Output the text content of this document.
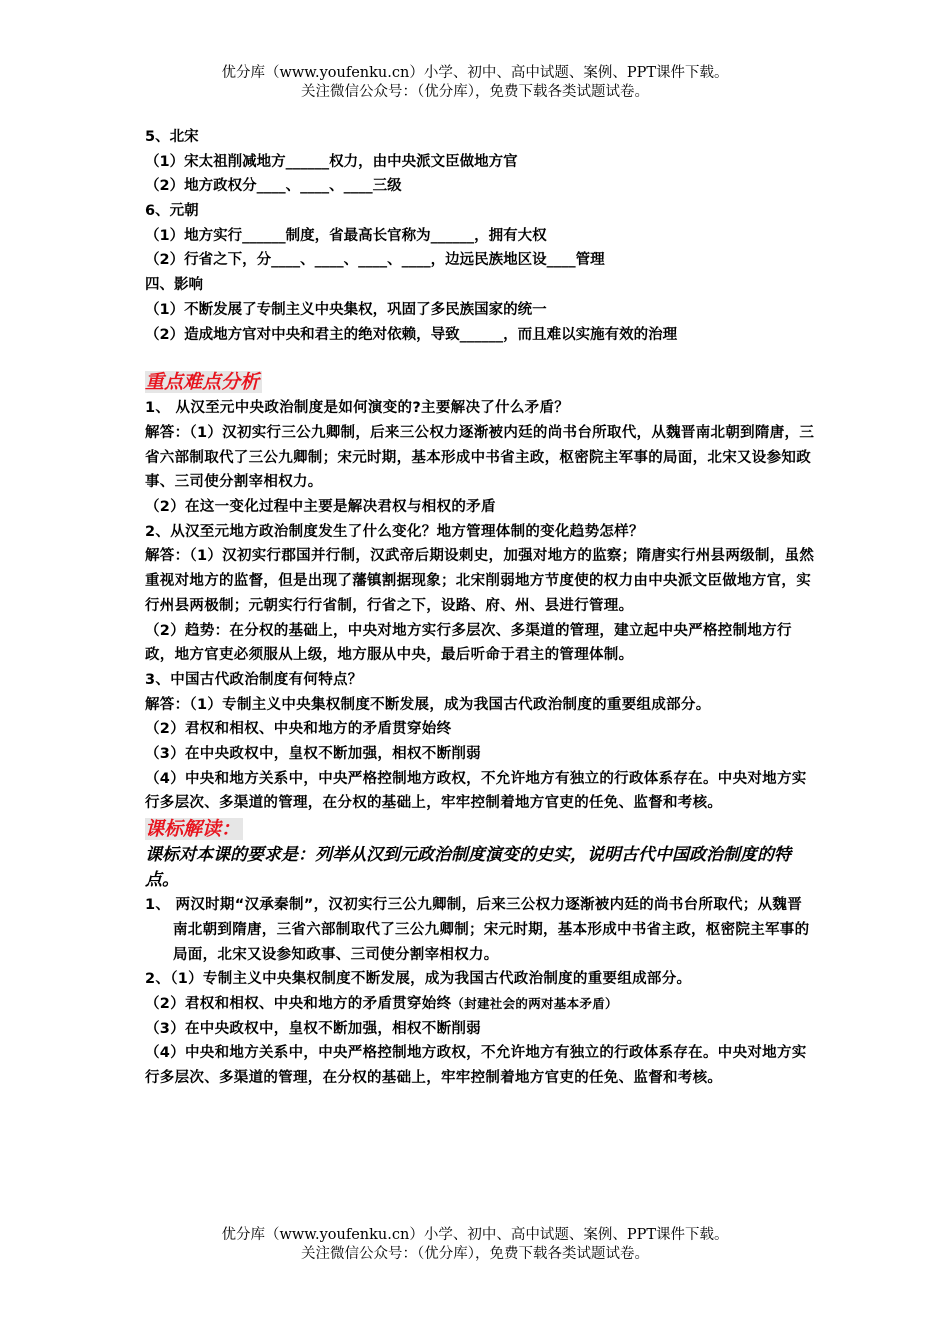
优分库（www.youfenku.cn）小学、初中、高中试题、案例、PPT课件下载。
关注微信公众号：（优分库），免费下载各类试题试卷。
5、北宋
（1）宋太祖削减地方______权力，由中央派文臣做地方官
（2）地方政权分____、____、____三级
6、元朝
（1）地方实行______制度，省最高长官称为______，拥有大权
（2）行省之下，分____、____、____、____，边远民族地区设____管理
四、影响
（1）不断发展了专制主义中央集权，巩固了多民族国家的统一
（2）造成地方官对中央和君主的绝对依赖，导致______，而且难以实施有效的治理
重点难点分析
1、 从汉至元中央政治制度是如何演变的?主要解决了什么矛盾？
解答：（1）汉初实行三公九卿制，后来三公权力逐渐被内廷的尚书台所取代，从魏晋南北朝到隋唐，三省六部制取代了三公九卿制；宋元时期，基本形成中书省主政，枢密院主军事的局面，北宋又设参知政事、三司使分割宰相权力。
（2）在这一变化过程中主要是解决君权与相权的矛盾
2、从汉至元地方政治制度发生了什么变化？地方管理体制的变化趋势怎样？
解答：（1）汉初实行郡国并行制，汉武帝后期设刺史，加强对地方的监察；隋唐实行州县两级制，虽然重视对地方的监督，但是出现了藩镇割据现象；北宋削弱地方节度使的权力由中央派文臣做地方官，实行州县两极制；元朝实行行省制，行省之下，设路、府、州、县进行管理。
（2）趋势：在分权的基础上，中央对地方实行多层次、多渠道的管理，建立起中央严格控制地方行政，地方官吏必须服从上级，地方服从中央，最后听命于君主的管理体制。
3、中国古代政治制度有何特点？
解答：（1）专制主义中央集权制度不断发展，成为我国古代政治制度的重要组成部分。
（2）君权和相权、中央和地方的矛盾贯穿始终
（3）在中央政权中，皇权不断加强，相权不断削弱
（4）中央和地方关系中，中央严格控制地方政权，不允许地方有独立的行政体系存在。中央对地方实行多层次、多渠道的管理，在分权的基础上，牢牢控制着地方官吏的任免、监督和考核。
课标解读：
课标对本课的要求是：列举从汉到元政治制度演变的史实，说明古代中国政治制度的特点。
1、 两汉时期“汉承秦制”，汉初实行三公九卿制，后来三公权力逐渐被内廷的尚书台所取代；从魏晋南北朝到隋唐，三省六部制取代了三公九卿制；宋元时期，基本形成中书省主政，枢密院主军事的局面，北宋又设参知政事、三司使分割宰相权力。
2、（1）专制主义中央集权制度不断发展，成为我国古代政治制度的重要组成部分。
（2）君权和相权、中央和地方的矛盾贯穿始终（封建社会的两对基本矛盾）
（3）在中央政权中，皇权不断加强，相权不断削弱
（4）中央和地方关系中，中央严格控制地方政权，不允许地方有独立的行政体系存在。中央对地方实行多层次、多渠道的管理，在分权的基础上，牢牢控制着地方官吏的任免、监督和考核。
优分库（www.youfenku.cn）小学、初中、高中试题、案例、PPT课件下载。
关注微信公众号：（优分库），免费下载各类试题试卷。
